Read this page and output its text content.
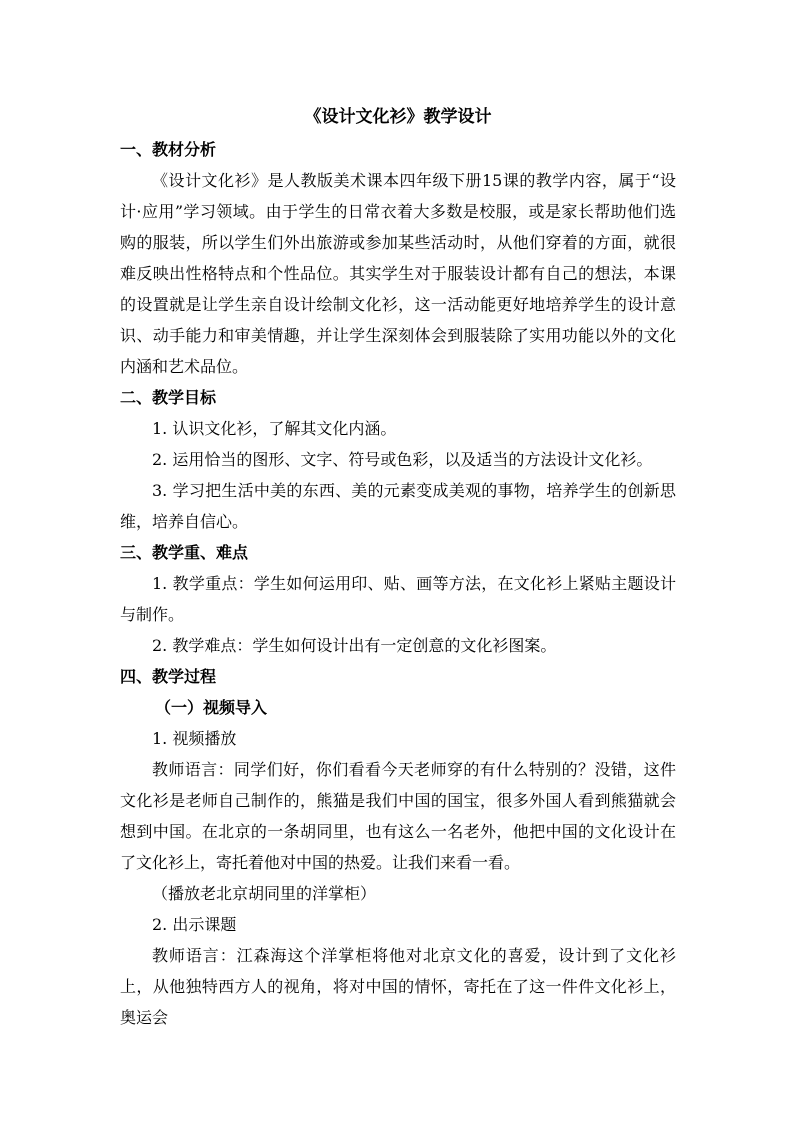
《设计文化衫》教学设计
一、教材分析

《设计文化衫》是人教版美术课本四年级下册15课的教学内容，属于“设计·应用”学习领域。由于学生的日常衣着大多数是校服，或是家长帮助他们选购的服装，所以学生们外出旅游或参加某些活动时，从他们穿着的方面，就很难反映出性格特点和个性品位。其实学生对于服装设计都有自己的想法，本课的设置就是让学生亲自设计绘制文化衫，这一活动能更好地培养学生的设计意识、动手能力和审美情趣，并让学生深刻体会到服装除了实用功能以外的文化内涵和艺术品位。

二、教学目标

1. 认识文化衫，了解其文化内涵。

2. 运用恰当的图形、文字、符号或色彩，以及适当的方法设计文化衫。

3. 学习把生活中美的东西、美的元素变成美观的事物，培养学生的创新思维，培养自信心。

三、教学重、难点

1. 教学重点：学生如何运用印、贴、画等方法，在文化衫上紧贴主题设计与制作。

2. 教学难点：学生如何设计出有一定创意的文化衫图案。

四、教学过程
（一）视频导入

1. 视频播放

教师语言：同学们好，你们看看今天老师穿的有什么特别的？没错，这件文化衫是老师自己制作的，熊猫是我们中国的国宝，很多外国人看到熊猫就会想到中国。在北京的一条胡同里，也有这么一名老外，他把中国的文化设计在了文化衫上，寄托着他对中国的热爱。让我们来看一看。

（播放老北京胡同里的洋掌柜）

2. 出示课题

教师语言：江森海这个洋掌柜将他对北京文化的喜爱，设计到了文化衫上，从他独特西方人的视角，将对中国的情怀，寄托在了这一件件文化衫上，奥运会
